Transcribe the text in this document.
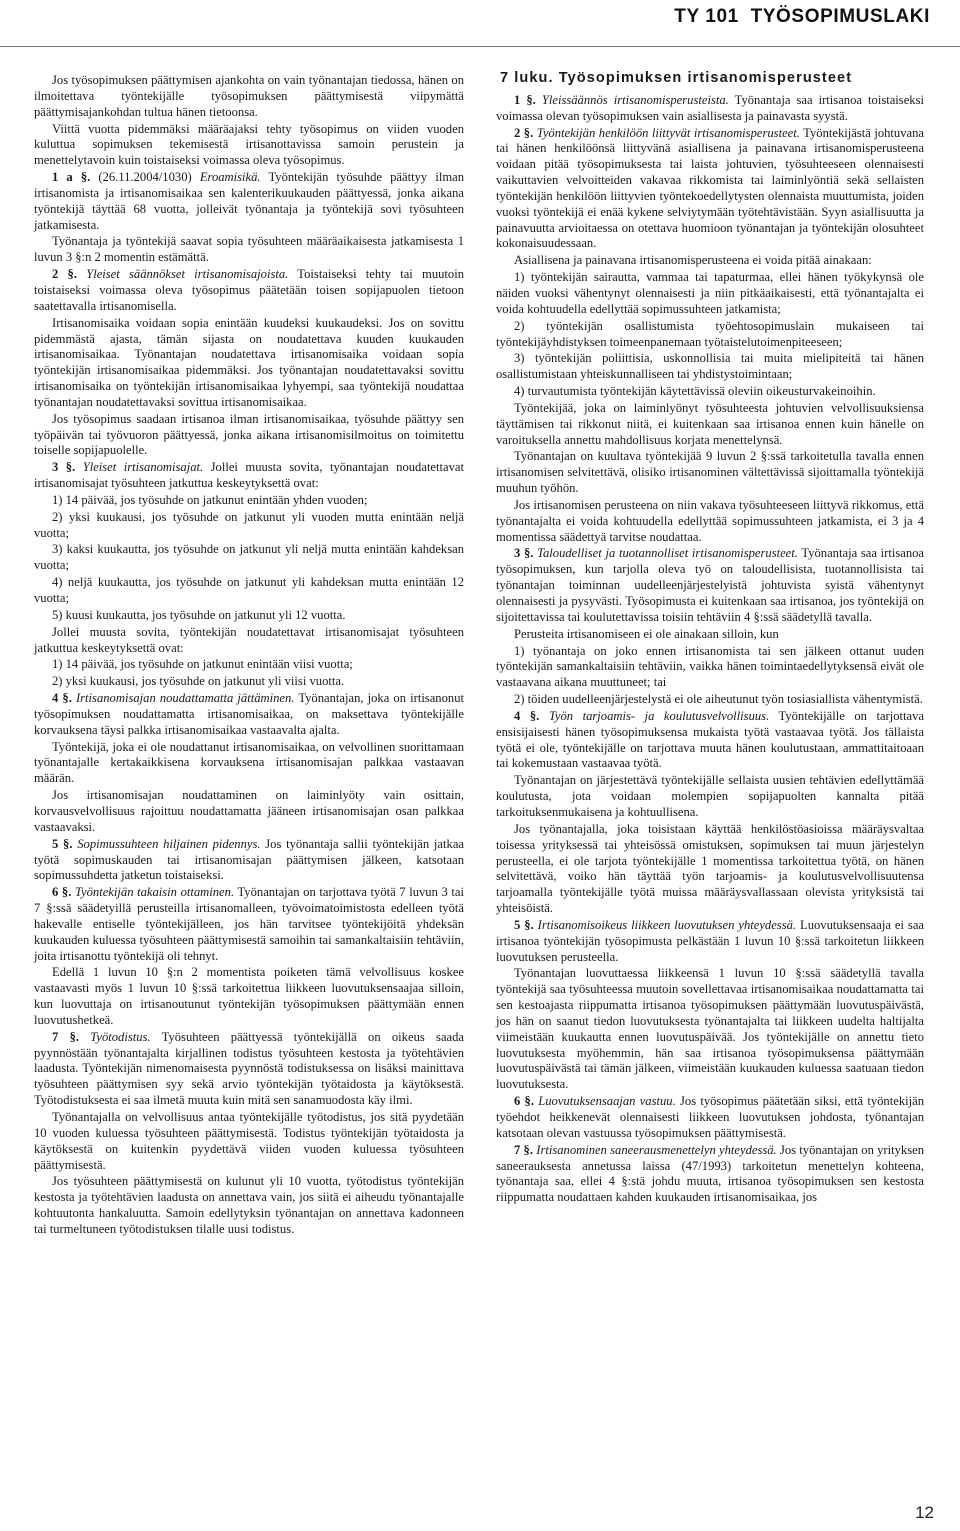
TY 101 TYÖSOPIMUSLAKI

Jos työsopimuksen päättymisen ajankohta on vain työnantajan tiedossa, hänen on ilmoitettava työntekijälle työsopimuksen päättymisestä viipymättä päättymisajankohdan tultua hänen tietoonsa.

Viittä vuotta pidemmäksi määräajaksi tehty työsopimus on viiden vuoden kuluttua sopimuksen tekemisestä irtisanottavissa samoin perustein ja menettelytavoin kuin toistaiseksi voimassa oleva työsopimus.

1 a §. (26.11.2004/1030) Eroamisikä. Työntekijän työsuhde päättyy ilman irtisanomista ja irtisanomisaikaa sen kalenterikuukauden päättyessä, jonka aikana työntekijä täyttää 68 vuotta, jolleivät työnantaja ja työntekijä sovi työsuhteen jatkamisesta.

Työnantaja ja työntekijä saavat sopia työsuhteen määräaikaisesta jatkamisesta 1 luvun 3 §:n 2 momentin estämättä.

2 §. Yleiset säännökset irtisanomisajoista. Toistaiseksi tehty tai muutoin toistaiseksi voimassa oleva työsopimus päätetään toisen sopijapuolen tietoon saatettavalla irtisanomisella.

Irtisanomisaika voidaan sopia enintään kuudeksi kuukaudeksi. Jos on sovittu pidemmästä ajasta, tämän sijasta on noudatettava kuuden kuukauden irtisanomisaikaa. Työnantajan noudatettava irtisanomisaika voidaan sopia työntekijän irtisanomisaikaa pidemmäksi. Jos työnantajan noudatettavaksi sovittu irtisanomisaika on työntekijän irtisanomisaikaa lyhyempi, saa työntekijä noudattaa työnantajan noudatettavaksi sovittua irtisanomisaikaa.

Jos työsopimus saadaan irtisanoa ilman irtisanomisaikaa, työsuhde päättyy sen työpäivän tai työvuoron päättyessä, jonka aikana irtisanomisilmoitus on toimitettu toiselle sopijapuolelle.

3 §. Yleiset irtisanomisajat. Jollei muusta sovita, työnantajan noudatettavat irtisanomisajat työsuhteen jatkuttua keskeytyksettä ovat:

1) 14 päivää, jos työsuhde on jatkunut enintään yhden vuoden;

2) yksi kuukausi, jos työsuhde on jatkunut yli vuoden mutta enintään neljä vuotta;

3) kaksi kuukautta, jos työsuhde on jatkunut yli neljä mutta enintään kahdeksan vuotta;

4) neljä kuukautta, jos työsuhde on jatkunut yli kahdeksan mutta enintään 12 vuotta;

5) kuusi kuukautta, jos työsuhde on jatkunut yli 12 vuotta.

Jollei muusta sovita, työntekijän noudatettavat irtisanomisajat työsuhteen jatkuttua keskeytyksettä ovat:

1) 14 päivää, jos työsuhde on jatkunut enintään viisi vuotta;

2) yksi kuukausi, jos työsuhde on jatkunut yli viisi vuotta.

4 §. Irtisanomisajan noudattamatta jättäminen. Työnantajan, joka on irtisanonut työsopimuksen noudattamatta irtisanomisaikaa, on maksettava työntekijälle korvauksena täysi palkka irtisanomisaikaa vastaavalta ajalta.

Työntekijä, joka ei ole noudattanut irtisanomisaikaa, on velvollinen suorittamaan työnantajalle kertakaikkisena korvauksena irtisanomisajan palkkaa vastaavan määrän.

Jos irtisanomisajan noudattaminen on laiminlyöty vain osittain, korvausvelvollisuus rajoittuu noudattamatta jääneen irtisanomisajan osan palkkaa vastaavaksi.

5 §. Sopimussuhteen hiljainen pidennys. Jos työnantaja sallii työntekijän jatkaa työtä sopimuskauden tai irtisanomisajan päättymisen jälkeen, katsotaan sopimussuhdetta jatketun toistaiseksi.

6 §. Työntekijän takaisin ottaminen. Työnantajan on tarjottava työtä 7 luvun 3 tai 7 §:ssä säädetyillä perusteilla irtisanomalleen, työvoimatoimistosta edelleen työtä hakevalle entiselle työntekijälleen, jos hän tarvitsee työntekijöitä yhdeksän kuukauden kuluessa työsuhteen päättymisestä samoihin tai samankaltaisiin tehtäviin, joita irtisanottu työntekijä oli tehnyt.

Edellä 1 luvun 10 §:n 2 momentista poiketen tämä velvollisuus koskee vastaavasti myös 1 luvun 10 §:ssä tarkoitettua liikkeen luovutuksensaajaa silloin, kun luovuttaja on irtisanoutunut työntekijän työsopimuksen päättymään ennen luovutushetkeä.

7 §. Työtodistus. Työsuhteen päättyessä työntekijällä on oikeus saada pyynnöstään työnantajalta kirjallinen todistus työsuhteen kestosta ja työtehtävien laadusta. Työntekijän nimenomaisesta pyynnöstä todistuksessa on lisäksi mainittava työsuhteen päättymisen syy sekä arvio työntekijän työtaidosta ja käytöksestä. Työtodistuksesta ei saa ilmetä muuta kuin mitä sen sanamuodosta käy ilmi.

Työnantajalla on velvollisuus antaa työntekijälle työtodistus, jos sitä pyydetään 10 vuoden kuluessa työsuhteen päättymisestä. Todistus työntekijän työtaidosta ja käytöksestä on kuitenkin pyydettävä viiden vuoden kuluessa työsuhteen päättymisestä.

Jos työsuhteen päättymisestä on kulunut yli 10 vuotta, työtodistus työntekijän kestosta ja työtehtävien laadusta on annettava vain, jos siitä ei aiheudu työnantajalle kohtuutonta hankaluutta. Samoin edellytyksin työnantajan on annettava kadonneen tai turmeltuneen työtodistuksen tilalle uusi todistus.

7 luku. Työsopimuksen irtisanomisperusteet

1 §. Yleissäännös irtisanomisperusteista. Työnantaja saa irtisanoa toistaiseksi voimassa olevan työsopimuksen vain asiallisesta ja painavasta syystä.

2 §. Työntekijän henkilöön liittyvät irtisanomisperusteet. Työntekijästä johtuvana tai hänen henkilöönsä liittyvänä asiallisena ja painavana irtisanomisperusteena voidaan pitää työsopimuksesta tai laista johtuvien, työsuhteeseen olennaisesti vaikuttavien velvoitteiden vakavaa rikkomista tai laiminlyöntiä sekä sellaisten työntekijän henkilöön liittyvien työntekoedellytysten olennaista muuttumista, joiden vuoksi työntekijä ei enää kykene selviytymään työtehtävistään. Syyn asiallisuutta ja painavuutta arvioitaessa on otettava huomioon työnantajan ja työntekijän olosuhteet kokonaisuudessaan.

Asiallisena ja painavana irtisanomisperusteena ei voida pitää ainakaan:

1) työntekijän sairautta, vammaa tai tapaturmaa, ellei hänen työkykynsä ole näiden vuoksi vähentynyt olennaisesti ja niin pitkäaikaisesti, että työnantajalta ei voida kohtuudella edellyttää sopimussuhteen jatkamista;

2) työntekijän osallistumista työehtosopimuslain mukaiseen tai työntekijäyhdistyksen toimeenpanemaan työtaistelutoimenpiteeseen;

3) työntekijän poliittisia, uskonnollisia tai muita mielipiteitä tai hänen osallistumistaan yhteiskunnalliseen tai yhdistystoimintaan;

4) turvautumista työntekijän käytettävissä oleviin oikeusturvakeinoihin.

Työntekijää, joka on laiminlyönyt työsuhteesta johtuvien velvollisuuksiensa täyttämisen tai rikkonut niitä, ei kuitenkaan saa irtisanoa ennen kuin hänelle on varoituksella annettu mahdollisuus korjata menettelynsä.

Työnantajan on kuultava työntekijää 9 luvun 2 §:ssä tarkoitetulla tavalla ennen irtisanomisen selvitettävä, olisiko irtisanominen vältettävissä sijoittamalla työntekijä muuhun työhön.

Jos irtisanomisen perusteena on niin vakava työsuhteeseen liittyvä rikkomus, että työnantajalta ei voida kohtuudella edellyttää sopimussuhteen jatkamista, ei 3 ja 4 momentissa säädettyä tarvitse noudattaa.

3 §. Taloudelliset ja tuotannolliset irtisanomisperusteet. Työnantaja saa irtisanoa työsopimuksen, kun tarjolla oleva työ on taloudellisista, tuotannollisista tai työnantajan toiminnan uudelleenjärjestelyistä johtuvista syistä vähentynyt olennaisesti ja pysyvästi. Työsopimusta ei kuitenkaan saa irtisanoa, jos työntekijä on sijoitettavissa tai koulutettavissa toisiin tehtäviin 4 §:ssä säädetyllä tavalla.

Perusteita irtisanomiseen ei ole ainakaan silloin, kun

1) työnantaja on joko ennen irtisanomista tai sen jälkeen ottanut uuden työntekijän samankaltaisiin tehtäviin, vaikka hänen toimintaedellytyksensä eivät ole vastaavana aikana muuttuneet; tai

2) töiden uudelleenjärjestelystä ei ole aiheutunut työn tosiasiallista vähentymistä.

4 §. Työn tarjoamis- ja koulutusvelvollisuus. Työntekijälle on tarjottava ensisijaisesti hänen työsopimuksensa mukaista työtä vastaavaa työtä. Jos tällaista työtä ei ole, työntekijälle on tarjottava muuta hänen koulutustaan, ammattitaitoaan tai kokemustaan vastaavaa työtä.

Työnantajan on järjestettävä työntekijälle sellaista uusien tehtävien edellyttämää koulutusta, jota voidaan molempien sopijapuolten kannalta pitää tarkoituksenmukaisena ja kohtuullisena.

Jos työnantajalla, joka toisistaan käyttää henkilöstöasioissa määräysvaltaa toisessa yrityksessä tai yhteisössä omistuksen, sopimuksen tai muun järjestelyn perusteella, ei ole tarjota työntekijälle 1 momentissa tarkoitettua työtä, on hänen selvitettävä, voiko hän täyttää työn tarjoamis- ja koulutusvelvollisuutensa tarjoamalla työntekijälle työtä muissa määräysvallassaan olevista yrityksistä tai yhteisöistä.

5 §. Irtisanomisoikeus liikkeen luovutuksen yhteydessä. Luovutuksensaaja ei saa irtisanoa työntekijän työsopimusta pelkästään 1 luvun 10 §:ssä tarkoitetun liikkeen luovutuksen perusteella.

Työnantajan luovuttaessa liikkeensä 1 luvun 10 §:ssä säädetyllä tavalla työntekijä saa työsuhteessa muutoin sovellettavaa irtisanomisaikaa noudattamatta tai sen kestoajasta riippumatta irtisanoa työsopimuksen päättymään luovutuspäivästä, jos hän on saanut tiedon luovutuksesta työnantajalta tai liikkeen uudelta haltijalta viimeistään kuukautta ennen luovutuspäivää. Jos työntekijälle on annettu tieto luovutuksesta myöhemmin, hän saa irtisanoa työsopimuksensa päättymään luovutuspäivästä tai tämän jälkeen, viimeistään kuukauden kuluessa saatuaan tiedon luovutuksesta.

6 §. Luovutuksensaajan vastuu. Jos työsopimus päätetään siksi, että työntekijän työehdot heikkenevät olennaisesti liikkeen luovutuksen johdosta, työnantajan katsotaan olevan vastuussa työsopimuksen päättymisestä.

7 §. Irtisanominen saneerausmenettelyn yhteydessä. Jos työnantajan on yrityksen saneerauksesta annetussa laissa (47/1993) tarkoitetun menettelyn kohteena, työnantaja saa, ellei 4 §:stä johdu muuta, irtisanoa työsopimuksen sen kestosta riippumatta noudattaen kahden kuukauden irtisanomisaikaa, jos

12
